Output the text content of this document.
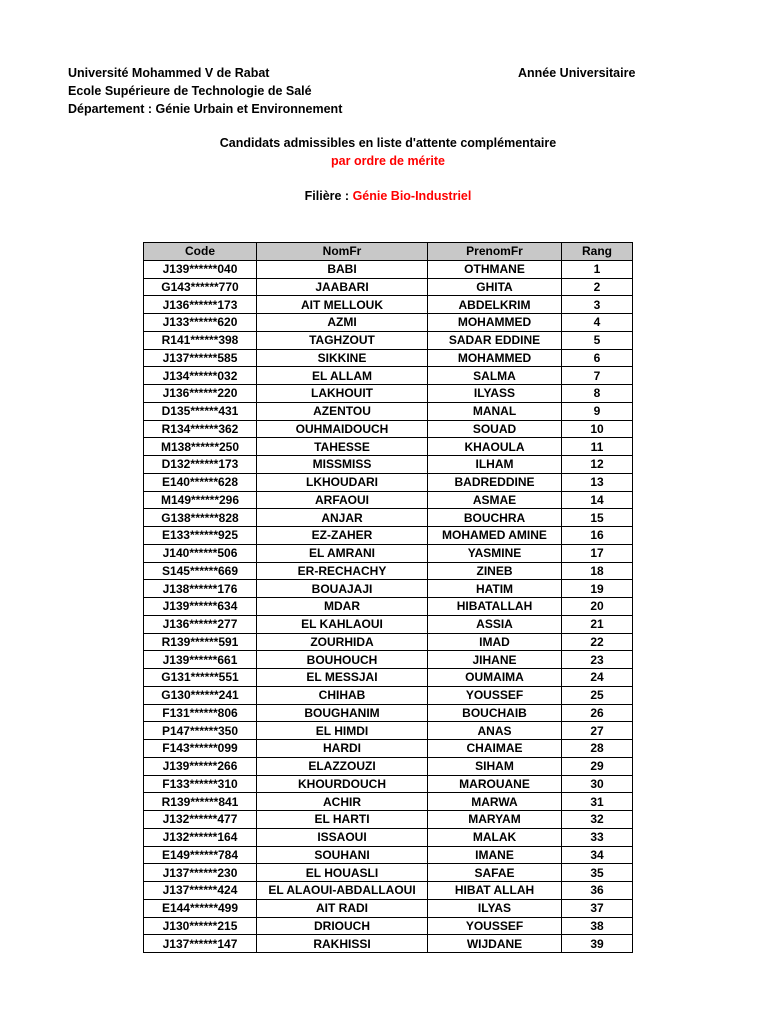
Université Mohammed V de Rabat
Ecole Supérieure de Technologie de Salé
Département : Génie Urbain et Environnement
Année Universitaire
Candidats admissibles en liste d'attente complémentaire
par ordre de mérite
Filière : Génie Bio-Industriel
Code	NomFr	PrenomFr	Rang
J139******040	BABI	OTHMANE	1
G143******770	JAABARI	GHITA	2
J136******173	AIT MELLOUK	ABDELKRIM	3
J133******620	AZMI	MOHAMMED	4
R141******398	TAGHZOUT	SADAR EDDINE	5
J137******585	SIKKINE	MOHAMMED	6
J134******032	EL ALLAM	SALMA	7
J136******220	LAKHOUIT	ILYASS	8
D135******431	AZENTOU	MANAL	9
R134******362	OUHMAIDOUCH	SOUAD	10
M138******250	TAHESSE	KHAOULA	11
D132******173	MISSMISS	ILHAM	12
E140******628	LKHOUDARI	BADREDDINE	13
M149******296	ARFAOUI	ASMAE	14
G138******828	ANJAR	BOUCHRA	15
E133******925	EZ-ZAHER	MOHAMED AMINE	16
J140******506	EL AMRANI	YASMINE	17
S145******669	ER-RECHACHY	ZINEB	18
J138******176	BOUAJAJI	HATIM	19
J139******634	MDAR	HIBATALLAH	20
J136******277	EL KAHLAOUI	ASSIA	21
R139******591	ZOURHIDA	IMAD	22
J139******661	BOUHOUCH	JIHANE	23
G131******551	EL MESSJAI	OUMAIMA	24
G130******241	CHIHAB	YOUSSEF	25
F131******806	BOUGHANIM	BOUCHAIB	26
P147******350	EL HIMDI	ANAS	27
F143******099	HARDI	CHAIMAE	28
J139******266	ELAZZOUZI	SIHAM	29
F133******310	KHOURDOUCH	MAROUANE	30
R139******841	ACHIR	MARWA	31
J132******477	EL HARTI	MARYAM	32
J132******164	ISSAOUI	MALAK	33
E149******784	SOUHANI	IMANE	34
J137******230	EL HOUASLI	SAFAE	35
J137******424	EL ALAOUI-ABDALLAOUI	HIBAT ALLAH	36
E144******499	AIT RADI	ILYAS	37
J130******215	DRIOUCH	YOUSSEF	38
J137******147	RAKHISSI	WIJDANE	39
